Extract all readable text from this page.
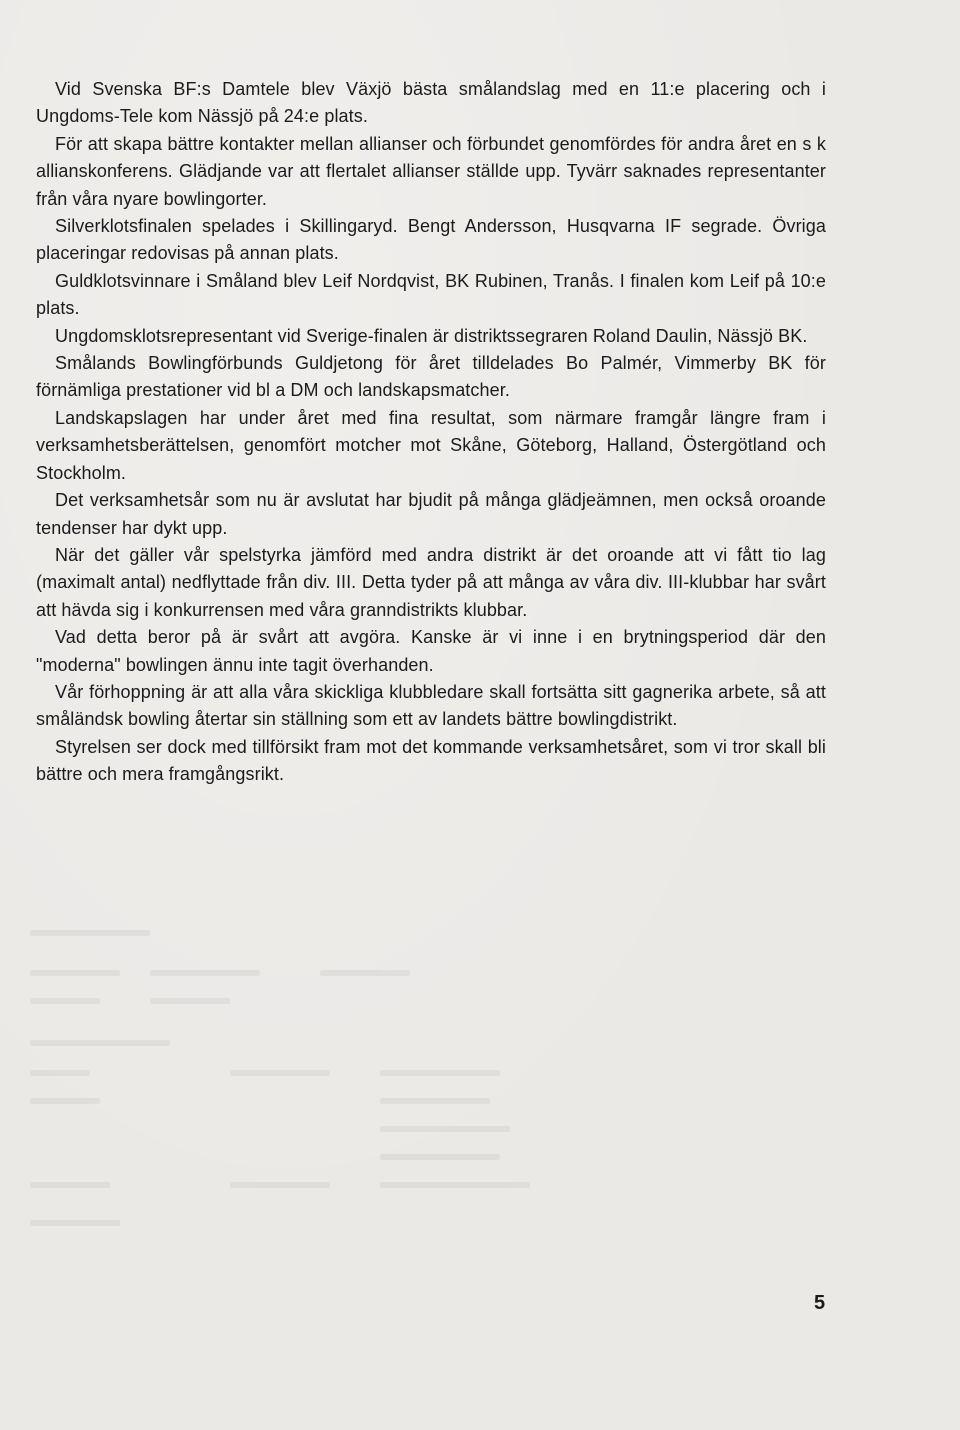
Vid Svenska BF:s Damtele blev Växjö bästa smålandslag med en 11:e placering och i Ungdoms-Tele kom Nässjö på 24:e plats.

För att skapa bättre kontakter mellan allianser och förbundet genomfördes för andra året en s k allianskonferens. Glädjande var att flertalet allianser ställde upp. Tyvärr saknades representanter från våra nyare bowlingorter.

Silverklotsfinalen spelades i Skillingaryd. Bengt Andersson, Husqvarna IF segrade. Övriga placeringar redovisas på annan plats.

Guldklotsvinnare i Småland blev Leif Nordqvist, BK Rubinen, Tranås. I finalen kom Leif på 10:e plats.

Ungdomsklotsrepresentant vid Sverige-finalen är distriktssegraren Roland Daulin, Nässjö BK.

Smålands Bowlingförbunds Guldjetong för året tilldelades Bo Palmér, Vimmerby BK för förnämliga prestationer vid bl a DM och landskapsmatcher.

Landskapslagen har under året med fina resultat, som närmare framgår längre fram i verksamhetsberättelsen, genomfört motcher mot Skåne, Göteborg, Halland, Östergötland och Stockholm.

Det verksamhetsår som nu är avslutat har bjudit på många glädjeämnen, men också oroande tendenser har dykt upp.

När det gäller vår spelstyrka jämförd med andra distrikt är det oroande att vi fått tio lag (maximalt antal) nedflyttade från div. III. Detta tyder på att många av våra div. III-klubbar har svårt att hävda sig i konkurrensen med våra granndistrikts klubbar.

Vad detta beror på är svårt att avgöra. Kanske är vi inne i en brytningsperiod där den "moderna" bowlingen ännu inte tagit överhanden.

Vår förhoppning är att alla våra skickliga klubbledare skall fortsätta sitt gagnerika arbete, så att småländsk bowling återtar sin ställning som ett av landets bättre bowlingdistrikt.

Styrelsen ser dock med tillförsikt fram mot det kommande verksamhetsåret, som vi tror skall bli bättre och mera framgångsrikt.

5
